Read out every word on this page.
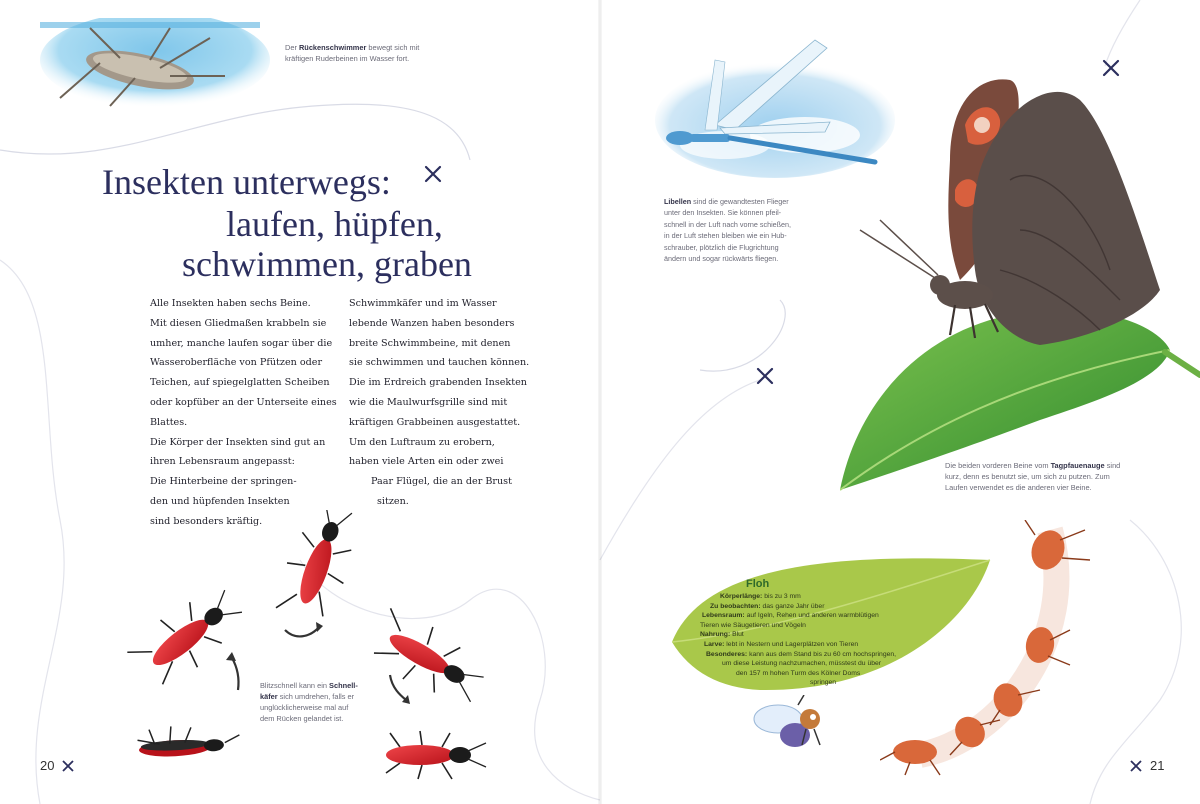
Der Rückenschwimmer bewegt sich mit
kräftigen Ruderbeinen im Wasser fort.
Insekten unterwegs:
laufen, hüpfen,
schwimmen, graben
Alle Insekten haben sechs Beine.
Mit diesen Gliedmaßen krabbeln sie
umher, manche laufen sogar über die
Wasseroberfläche von Pfützen oder
Teichen, auf spiegelglatten Scheiben
oder kopfüber an der Unterseite eines
Blattes.
Die Körper der Insekten sind gut an
ihren Lebensraum angepasst:
Die Hinterbeine der springen-
den und hüpfenden Insekten
sind besonders kräftig.
Schwimmkäfer und im Wasser
lebende Wanzen haben besonders
breite Schwimmbeine, mit denen
sie schwimmen und tauchen können.
Die im Erdreich grabenden Insekten
wie die Maulwurfsgrille sind mit
kräftigen Grabbeinen ausgestattet.
Um den Luftraum zu erobern,
haben viele Arten ein oder zwei
Paar Flügel, die an der Brust
sitzen.
Blitzschnell kann ein Schnell-
käfer sich umdrehen, falls er
unglücklicherweise mal auf
dem Rücken gelandet ist.
20
Libellen sind die gewandtesten Flieger
unter den Insekten. Sie können pfeil-
schnell in der Luft nach vorne schießen,
in der Luft stehen bleiben wie ein Hub-
schrauber, plötzlich die Flugrichtung
ändern und sogar rückwärts fliegen.
Die beiden vorderen Beine vom Tagpfauenauge sind
kurz, denn es benutzt sie, um sich zu putzen. Zum
Laufen verwendet es die anderen vier Beine.
Floh
Körperlänge: bis zu 3 mm
Zu beobachten: das ganze Jahr über
Lebensraum: auf Igeln, Rehen und anderen warmblütigen
Tieren wie Säugetieren und Vögeln
Nahrung: Blut
Larve: lebt in Nestern und Lagerplätzen von Tieren
Besonderes: kann aus dem Stand bis zu 60 cm hochspringen,
um diese Leistung nachzumachen, müsstest du über
den 157 m hohen Turm des Kölner Doms
springen
21
